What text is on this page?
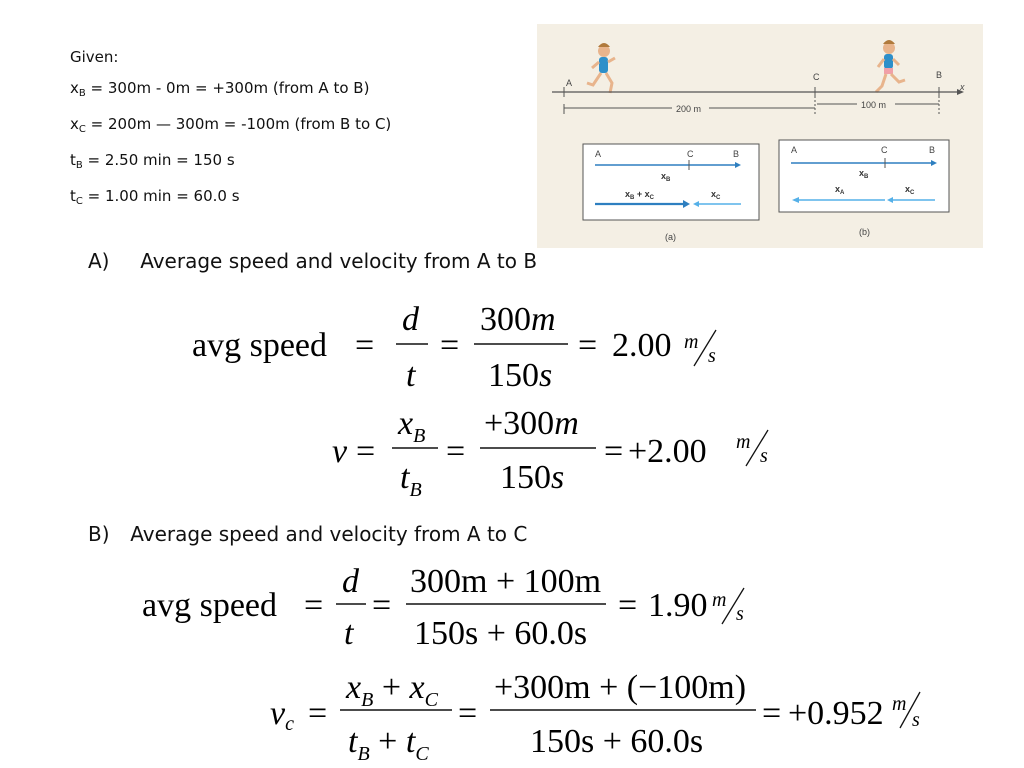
Given:
$x_B = 300m - 0m = +300m$ (from A to B)
$x_C = 200m$ — 300m = -100m (from B to C)
$t_B = 2.50$ min = 150 s
$t_C = 1.00$ min = 60.0 s
A
C	B
x
200 m	100 m
A	C	B
$x_B$
$x_B + x_C$	$x_C$
(a)
A	C	B
$x_B$
$x_A$	$x_C$
(b)
A) Average speed and velocity from A to B
avg speed =
d
t
=
300m
150s
= 2.00 m
s
v =
$x_B$
$t_B$
=
+300m
150s
= +2.00 m
s
B) Average speed and velocity from A to C
avg speed =
d
t
=
300m + 100m
150s + 60.0s
= 1.90 m
s
vc =
$x_B + x_C$
$t_B + t_C$
=
+300m + (−100m)
150s + 60.0s
= +0.952 m
s
